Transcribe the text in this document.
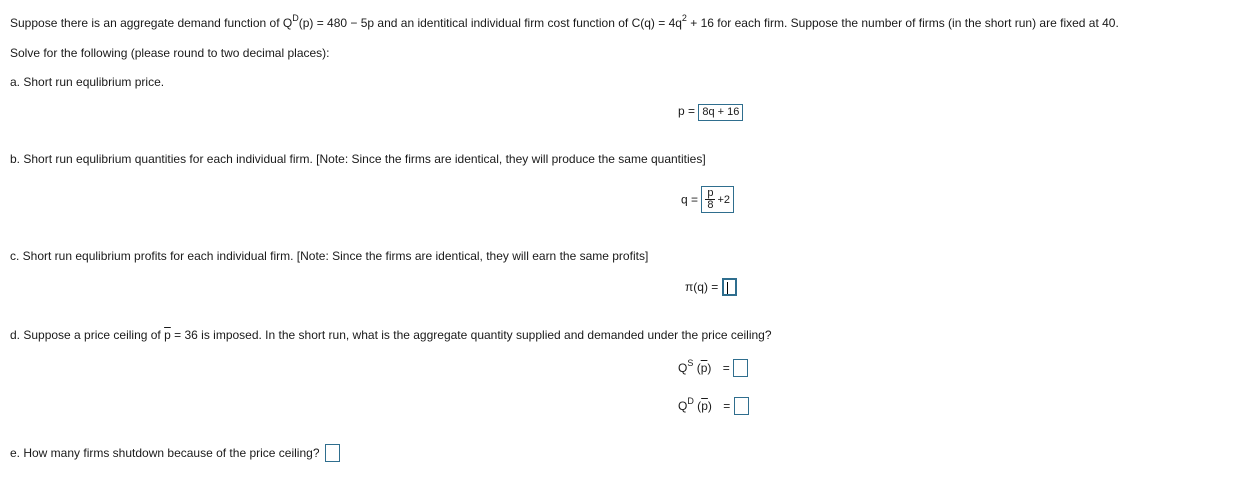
Suppose there is an aggregate demand function of $Q^D(p) = 480 - 5p$ and an identitical individual firm cost function of $C(q) = 4q^2 + 16$ for each firm. Suppose the number of firms (in the short run) are fixed at 40.
Solve for the following (please round to two decimal places):
a. Short run equlibrium price.
p = 8q + 16
b. Short run equlibrium quantities for each individual firm. [Note: Since the firms are identical, they will produce the same quantities]
$q = \frac{p}{8} +2$
c. Short run equlibrium profits for each individual firm. [Note: Since the firms are identical, they will earn the same profits]
π(q) =
d. Suppose a price ceiling of $\overline{p} = 36$ is imposed. In the short run, what is the aggregate quantity supplied and demanded under the price ceiling?
$Q^S$ $(\overline{p})$ =
$Q^D$ $(\overline{p})$ =
e. How many firms shutdown because of the price ceiling?
